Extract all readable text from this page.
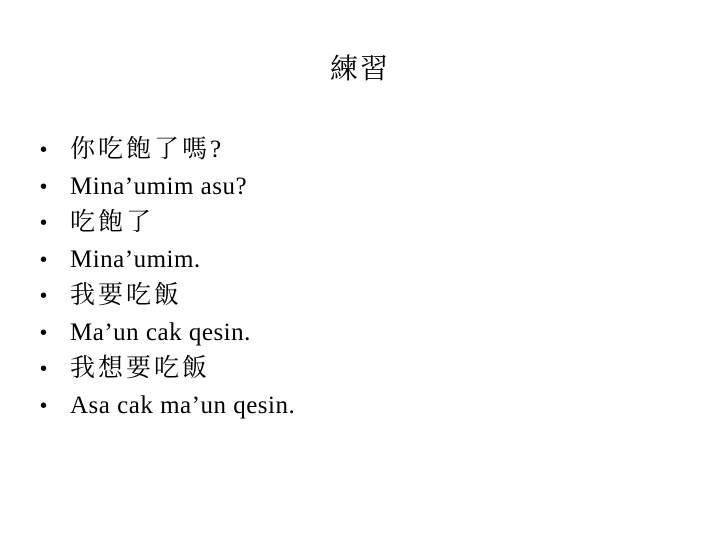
練習
• 你吃飽了嗎?
• Mina’umim asu?
• 吃飽了
• Mina’umim.
• 我要吃飯
• Ma’un cak qesin.
• 我想要吃飯
• Asa cak ma’un qesin.
